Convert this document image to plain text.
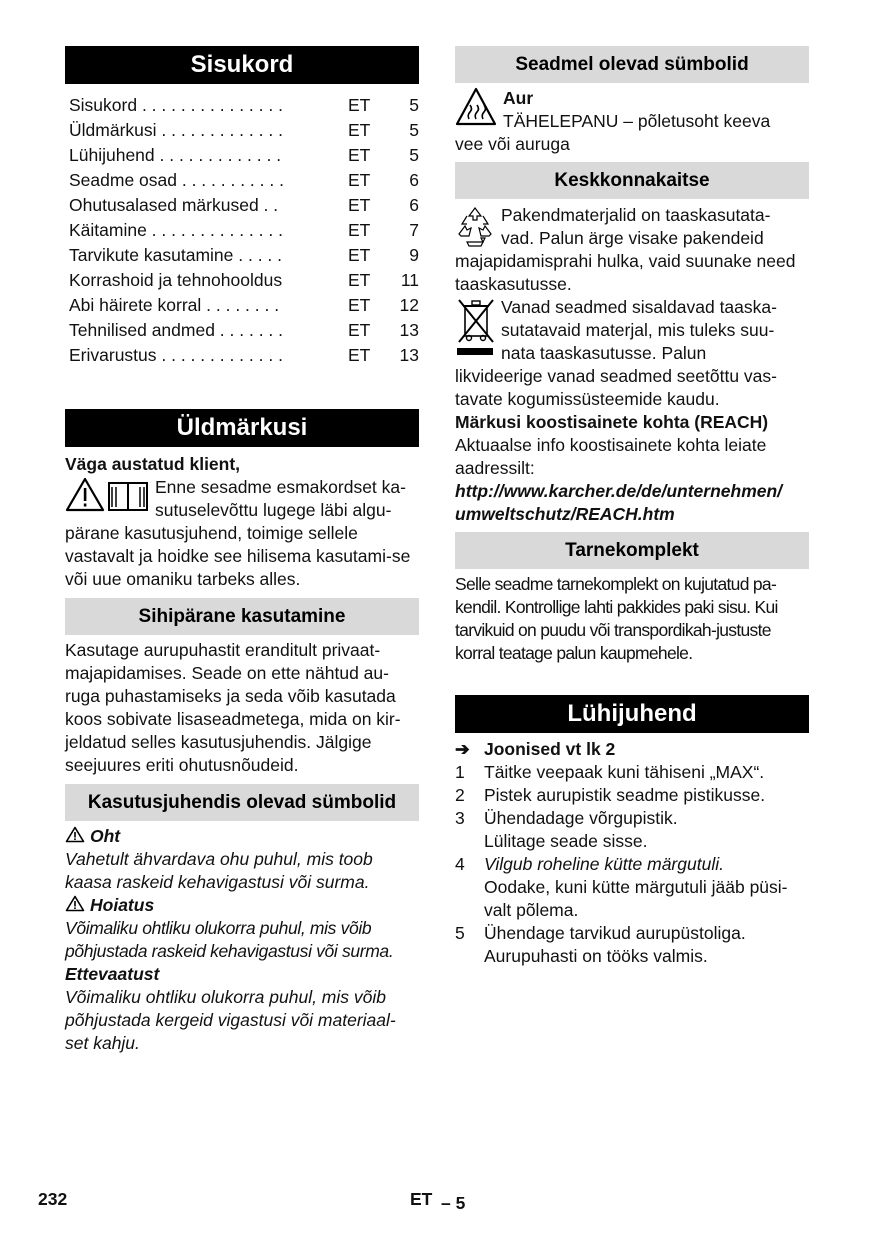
Sisukord
Sisukord . . . . . . . . . . . . . . .	ET	5
Üldmärkusi . . . . . . . . . . . . .	ET	5
Lühijuhend . . . . . . . . . . . . .	ET	5
Seadme osad . . . . . . . . . . .	ET	6
Ohutusalased märkused . .	ET	6
Käitamine . . . . . . . . . . . . . .	ET	7
Tarvikute kasutamine . . . . .	ET	9
Korrashoid ja tehnohooldus	ET	11
Abi häirete korral . . . . . . . .	ET	12
Tehnilised andmed . . . . . . .	ET	13
Erivarustus . . . . . . . . . . . . .	ET	13
Üldmärkusi

Väga austatud klient,

Enne sesadme esmakordset ka-

sutuselevõttu lugege läbi algu-

pärane kasutusjuhend, toimige sellele vastavalt ja hoidke see hilisema kasutami-se või uue omaniku tarbeks alles.

Sihipärane kasutamine

Kasutage aurupuhastit eranditult privaat-majapidamises. Seade on ette nähtud au-ruga puhastamiseks ja seda võib kasutada koos sobivate lisaseadmetega, mida on kir-jeldatud selles kasutusjuhendis. Jälgige seejuures eriti ohutusnõudeid.

Kasutusjuhendis olevad sümbolid

Oht

Vahetult ähvardava ohu puhul, mis toob kaasa raskeid kehavigastusi või surma.

Hoiatus

Võimaliku ohtliku olukorra puhul, mis võib põhjustada raskeid kehavigastusi või surma.

Ettevaatust

Võimaliku ohtliku olukorra puhul, mis võib põhjustada kergeid vigastusi või materiaal-set kahju.

Seadmel olevad sümbolid

Aur

TÄHELEPANU – põletusoht keeva

vee või auruga

Keskkonnakaitse

Pakendmaterjalid on taaskasutata-

vad. Palun ärge visake pakendeid

majapidamisprahi hulka, vaid suunake need taaskasutusse.

Vanad seadmed sisaldavad taaska-

sutatavaid materjal, mis tuleks suu-

nata taaskasutusse. Palun

likvideerige vanad seadmed seetõttu vas-tavate kogumissüsteemide kaudu.

Märkusi koostisainete kohta (REACH)

Aktuaalse info koostisainete kohta leiate aadressilt:

http://www.karcher.de/de/unternehmen/ umweltschutz/REACH.htm

Tarnekomplekt

Selle seadme tarnekomplekt on kujutatud pa-kendil. Kontrollige lahti pakkides paki sisu. Kui tarvikuid on puudu või transpordikah-justuste korral teatage palun kaupmehele.

Lühijuhend
➔ Joonised vt lk 2
1	Täitke veepaak kuni tähiseni „MAX“.

2	Pistek aurupistik seadme pistikusse.

3	Ühendadage võrgupistik.

Lülitage seade sisse.

4	Vilgub roheline kütte märgutuli.

Oodake, kuni kütte märgutuli jääb püsi-valt põlema.

5	Ühendage tarvikud aurupüstoliga.

Aurupuhasti on tööks valmis.

232	ET – 5
